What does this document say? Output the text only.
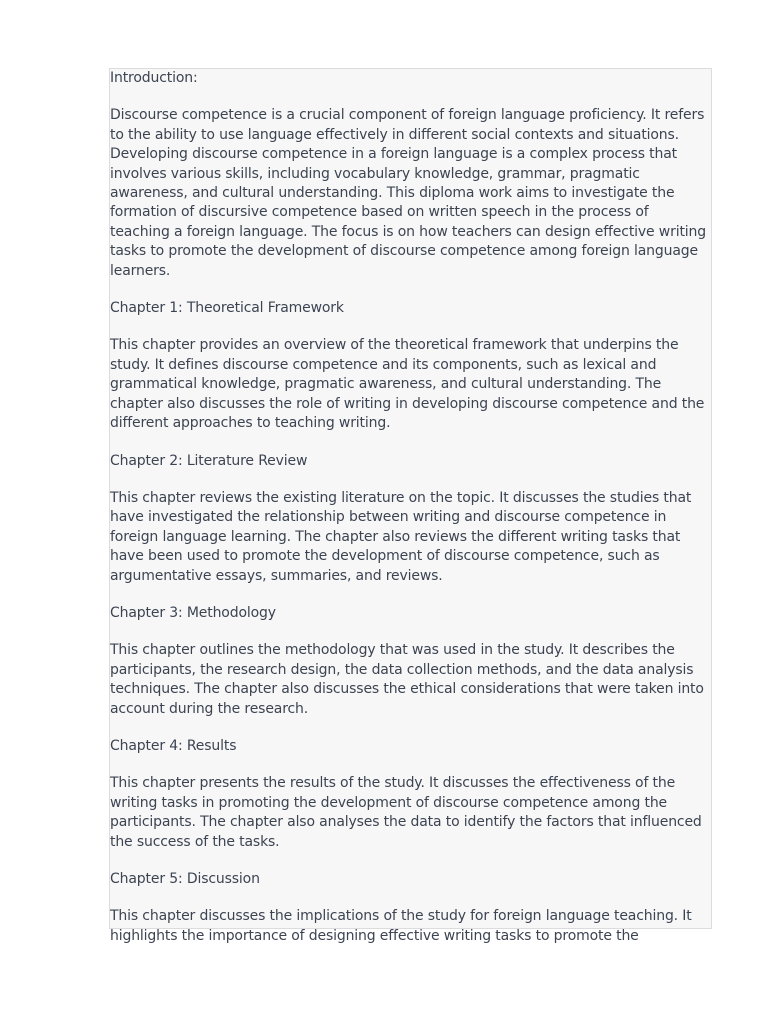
Introduction:

Discourse competence is a crucial component of foreign language proficiency. It refers to the ability to use language effectively in different social contexts and situations. Developing discourse competence in a foreign language is a complex process that involves various skills, including vocabulary knowledge, grammar, pragmatic awareness, and cultural understanding. This diploma work aims to investigate the formation of discursive competence based on written speech in the process of teaching a foreign language. The focus is on how teachers can design effective writing tasks to promote the development of discourse competence among foreign language learners.

Chapter 1: Theoretical Framework

This chapter provides an overview of the theoretical framework that underpins the study. It defines discourse competence and its components, such as lexical and grammatical knowledge, pragmatic awareness, and cultural understanding. The chapter also discusses the role of writing in developing discourse competence and the different approaches to teaching writing.

Chapter 2: Literature Review

This chapter reviews the existing literature on the topic. It discusses the studies that have investigated the relationship between writing and discourse competence in foreign language learning. The chapter also reviews the different writing tasks that have been used to promote the development of discourse competence, such as argumentative essays, summaries, and reviews.

Chapter 3: Methodology

This chapter outlines the methodology that was used in the study. It describes the participants, the research design, the data collection methods, and the data analysis techniques. The chapter also discusses the ethical considerations that were taken into account during the research.

Chapter 4: Results

This chapter presents the results of the study. It discusses the effectiveness of the writing tasks in promoting the development of discourse competence among the participants. The chapter also analyses the data to identify the factors that influenced the success of the tasks.

Chapter 5: Discussion

This chapter discusses the implications of the study for foreign language teaching. It highlights the importance of designing effective writing tasks to promote the
